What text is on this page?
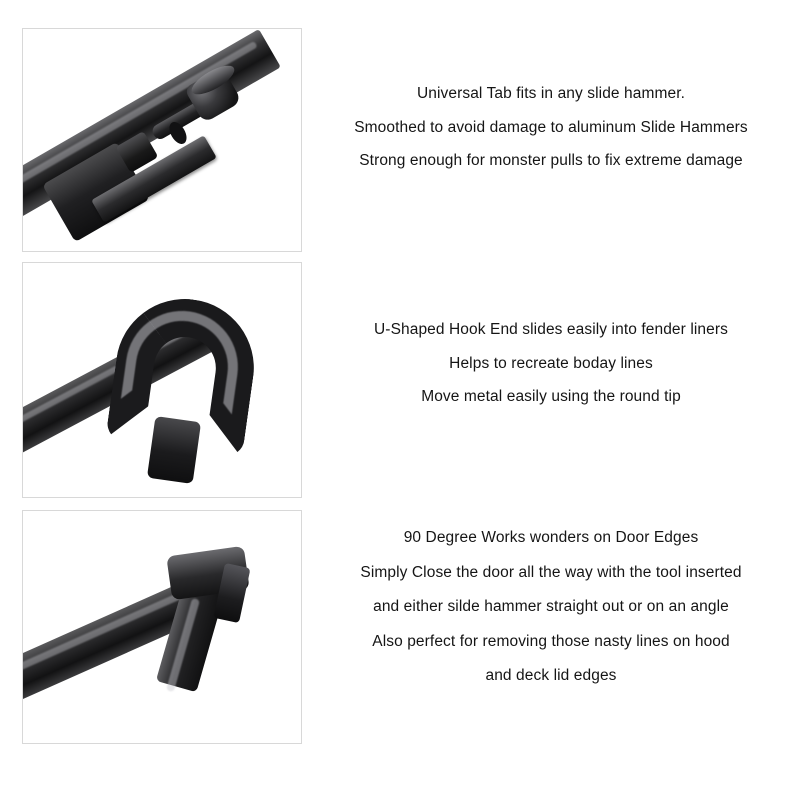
Universal Tab fits in any slide hammer.

Smoothed to avoid damage to aluminum Slide Hammers

Strong enough for monster pulls to fix extreme damage

U-Shaped Hook End slides easily into fender liners

Helps to recreate boday lines

Move metal easily using the round tip

90 Degree Works wonders on Door Edges

Simply Close the door all the way with the tool inserted

and either silde hammer straight out or on an angle

Also perfect for removing those nasty lines on hood

and deck lid edges
